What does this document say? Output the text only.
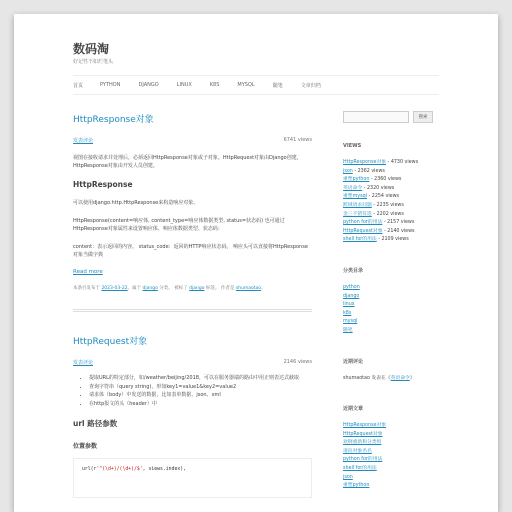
数码淘
好记性不如烂笔头
首页	PYTHON	DJANGO	LINUX	K8S	MYSQL	随笔	文章归档
HttpResponse对象
发表评论	6741 views

视图在接收请求并处理后，必须返回HttpResponse对象或子对象。HttpRequest对象由Django创建，HttpResponse对象由开发人员创建。

HttpResponse

可以使用django.http.HttpResponse来构造响应对象。

HttpResponse(content=响应体, content_type=响应体数据类型, status=状态码) 也可通过HttpResponse对象属性来设置响应体、响应体数据类型、状态码：

content：表示返回的内容。 status_code：返回的HTTP响应状态码。 响应头可以直接将HttpResponse对象当做字典

Read more
本条目发布于 2023-03-22。属于 django 分类。 被标了 django 标签。 作者是 shumaotao。
HttpRequest对象
发表评论	2146 views
• 提取URL的特定部分，如/weather/beijing/2018，可以在服务器端的路由中用正则表达式截取
• 查询字符串（query string)，形如key1=value1&key2=value2
• 请求体（body）中发送的数据，比如表单数据、json、xml
• 在http报文的头（header）中
url 路径参数
位置参数
url(r'^(\d+)/(\d+)/$', views.index),
搜索
VIEWS
HttpResponse对象 - 4730 views
json - 2362 views
重塑python - 2360 views
英语命令 - 2320 views
重塑mysql - 2254 views
跨域请求问题 - 2235 views
金三不错符选 - 2202 views
python for的用法 - 2157 views
HttpRequest对象 - 2140 views
shell for的用法 - 2109 views
分类目录
python
django
linux
k8s
mysql
随笔
近期评论
shumaotao 发表在《英语命令》
近期文章
HttpResponse对象
HttpRequest对象
欢钢重新和分类组
请向对象名名
python for的用法
shell for的用法
json
重塑python
